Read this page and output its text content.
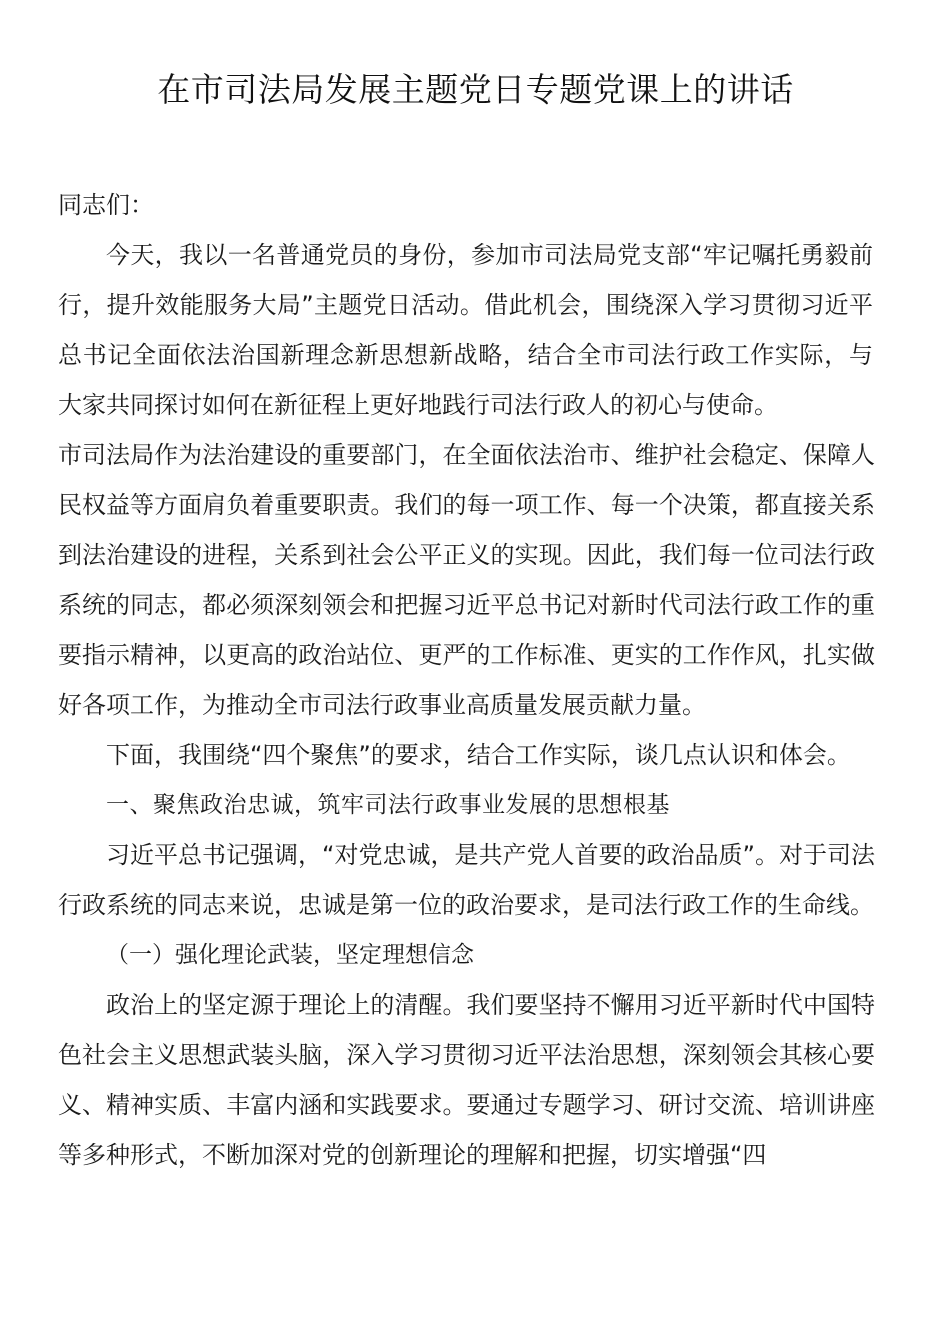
在市司法局发展主题党日专题党课上的讲话

同志们：

今天，我以一名普通党员的身份，参加市司法局党支部“牢记嘱托勇毅前行，提升效能服务大局”主题党日活动。借此机会，围绕深入学习贯彻习近平总书记全面依法治国新理念新思想新战略，结合全市司法行政工作实际，与大家共同探讨如何在新征程上更好地践行司法行政人的初心与使命。

市司法局作为法治建设的重要部门，在全面依法治市、维护社会稳定、保障人民权益等方面肩负着重要职责。我们的每一项工作、每一个决策，都直接关系到法治建设的进程，关系到社会公平正义的实现。因此，我们每一位司法行政系统的同志，都必须深刻领会和把握习近平总书记对新时代司法行政工作的重要指示精神，以更高的政治站位、更严的工作标准、更实的工作作风，扎实做好各项工作，为推动全市司法行政事业高质量发展贡献力量。

下面，我围绕“四个聚焦”的要求，结合工作实际，谈几点认识和体会。

一、聚焦政治忠诚，筑牢司法行政事业发展的思想根基

习近平总书记强调，“对党忠诚，是共产党人首要的政治品质”。对于司法行政系统的同志来说，忠诚是第一位的政治要求，是司法行政工作的生命线。

（一）强化理论武装，坚定理想信念

政治上的坚定源于理论上的清醒。我们要坚持不懈用习近平新时代中国特色社会主义思想武装头脑，深入学习贯彻习近平法治思想，深刻领会其核心要义、精神实质、丰富内涵和实践要求。要通过专题学习、研讨交流、培训讲座等多种形式，不断加深对党的创新理论的理解和把握，切实增强“四
